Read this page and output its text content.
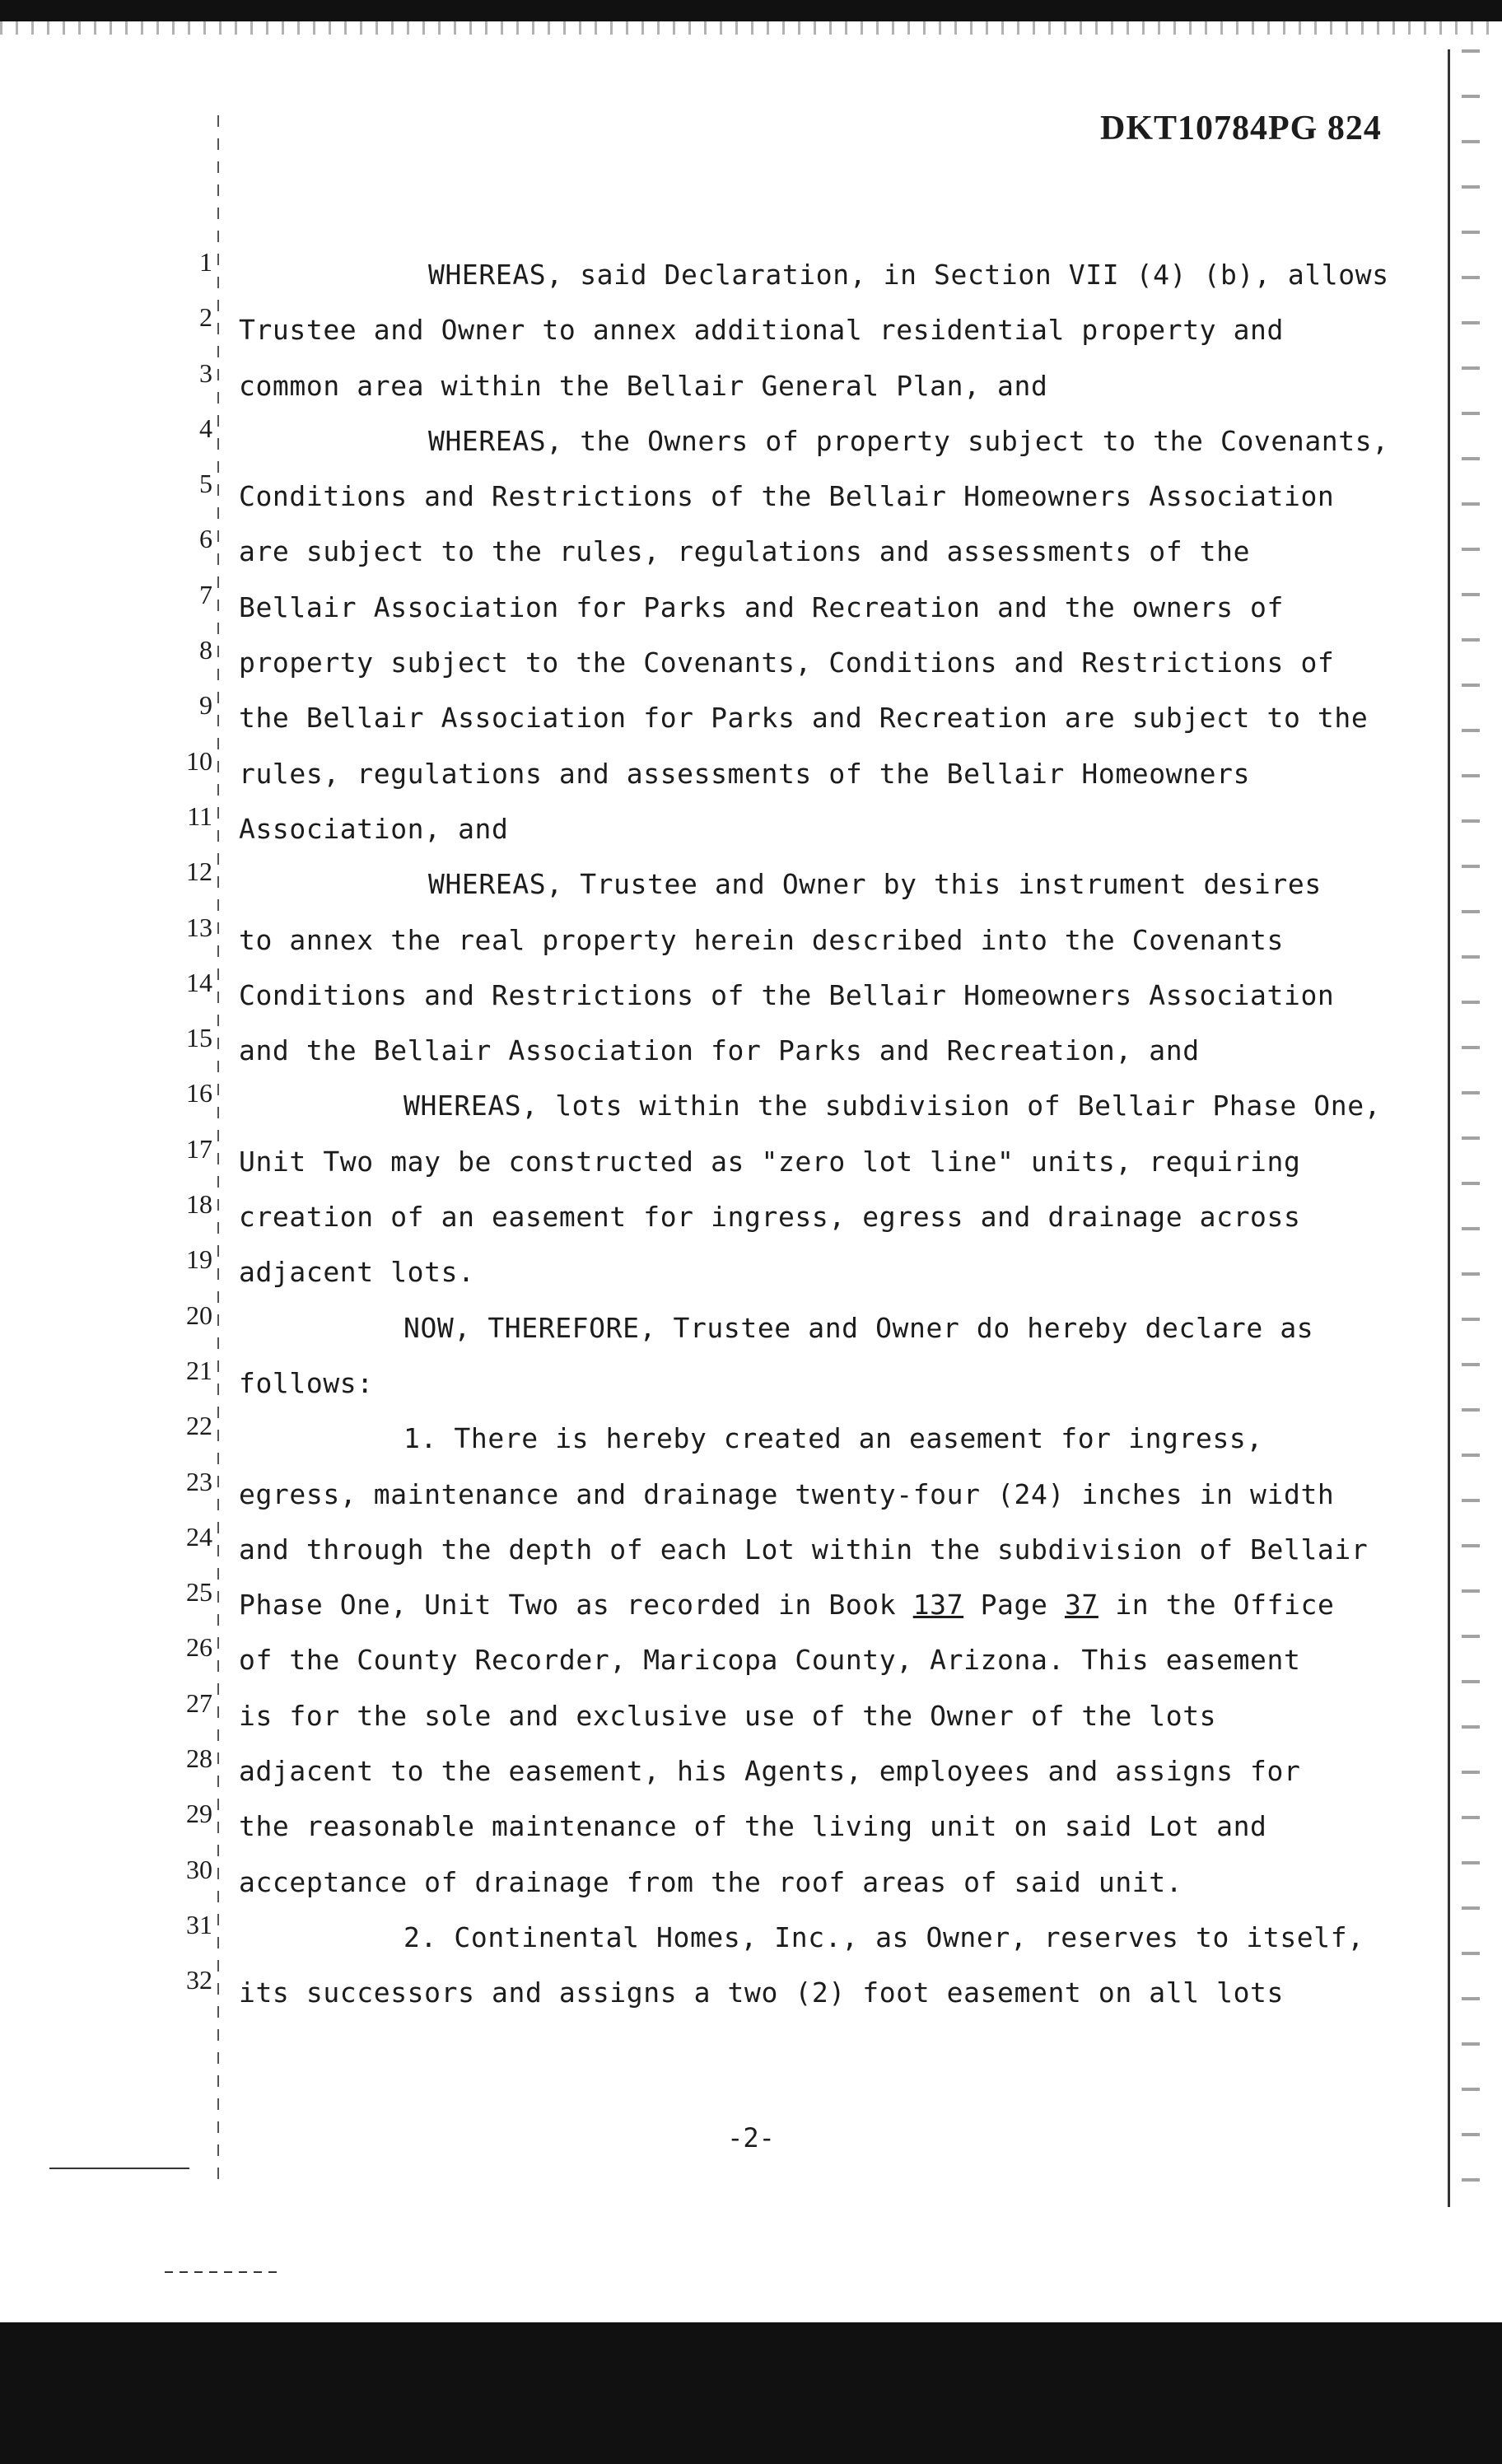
DKT10784PG 824
1
2
3
4
5
6
7
8
9
10
11
12
13
14
15
16
17
18
19
20
21
22
23
24
25
26
27
28
29
30
31
32
WHEREAS, said Declaration, in Section VII (4) (b), allows
Trustee and Owner to annex additional residential property and
common area within the Bellair General Plan, and
WHEREAS, the Owners of property subject to the Covenants,
Conditions and Restrictions of the Bellair Homeowners Association
are subject to the rules, regulations and assessments of the
Bellair Association for Parks and Recreation and the owners of
property subject to the Covenants, Conditions and Restrictions of
the Bellair Association for Parks and Recreation are subject to the
rules, regulations and assessments of the Bellair Homeowners
Association, and
WHEREAS, Trustee and Owner by this instrument desires
to annex the real property herein described into the Covenants
Conditions and Restrictions of the Bellair Homeowners Association
and the Bellair Association for Parks and Recreation, and
WHEREAS, lots within the subdivision of Bellair Phase One,
Unit Two may be constructed as "zero lot line" units, requiring
creation of an easement for ingress, egress and drainage across
adjacent lots.
NOW, THEREFORE, Trustee and Owner do hereby declare as
follows:
1. There is hereby created an easement for ingress,
egress, maintenance and drainage twenty-four (24) inches in width
and through the depth of each Lot within the subdivision of Bellair
Phase One, Unit Two as recorded in Book 137 Page 37 in the Office
of the County Recorder, Maricopa County, Arizona. This easement
is for the sole and exclusive use of the Owner of the lots
adjacent to the easement, his Agents, employees and assigns for
the reasonable maintenance of the living unit on said Lot and
acceptance of drainage from the roof areas of said unit.
2. Continental Homes, Inc., as Owner, reserves to itself,
its successors and assigns a two (2) foot easement on all lots
-2-
